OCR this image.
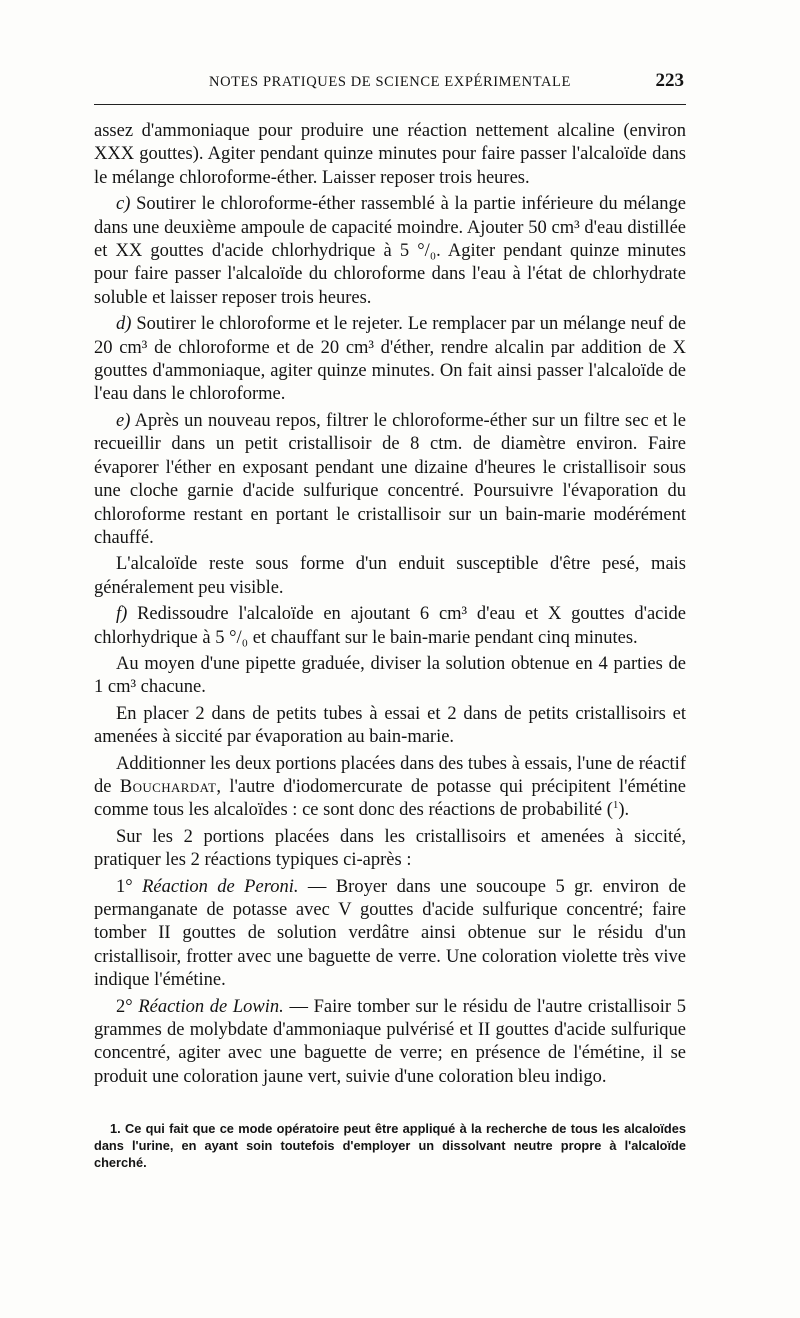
NOTES PRATIQUES DE SCIENCE EXPÉRIMENTALE	223

assez d'ammoniaque pour produire une réaction nettement alcaline (environ XXX gouttes). Agiter pendant quinze minutes pour faire passer l'alcaloïde dans le mélange chloroforme-éther. Laisser reposer trois heures.

c) Soutirer le chloroforme-éther rassemblé à la partie inférieure du mélange dans une deuxième ampoule de capacité moindre. Ajouter 50 cm³ d'eau distillée et XX gouttes d'acide chlorhydrique à 5 °/₀. Agiter pendant quinze minutes pour faire passer l'alcaloïde du chloroforme dans l'eau à l'état de chlorhydrate soluble et laisser reposer trois heures.

d) Soutirer le chloroforme et le rejeter. Le remplacer par un mélange neuf de 20 cm³ de chloroforme et de 20 cm³ d'éther, rendre alcalin par addition de X gouttes d'ammoniaque, agiter quinze minutes. On fait ainsi passer l'alcaloïde de l'eau dans le chloroforme.

e) Après un nouveau repos, filtrer le chloroforme-éther sur un filtre sec et le recueillir dans un petit cristallisoir de 8 ctm. de diamètre environ. Faire évaporer l'éther en exposant pendant une dizaine d'heures le cristallisoir sous une cloche garnie d'acide sulfurique concentré. Poursuivre l'évaporation du chloroforme restant en portant le cristallisoir sur un bain-marie modérément chauffé.

L'alcaloïde reste sous forme d'un enduit susceptible d'être pesé, mais généralement peu visible.

f) Redissoudre l'alcaloïde en ajoutant 6 cm³ d'eau et X gouttes d'acide chlorhydrique à 5 °/₀ et chauffant sur le bain-marie pendant cinq minutes.

Au moyen d'une pipette graduée, diviser la solution obtenue en 4 parties de 1 cm³ chacune.

En placer 2 dans de petits tubes à essai et 2 dans de petits cristallisoirs et amenées à siccité par évaporation au bain-marie.

Additionner les deux portions placées dans des tubes à essais, l'une de réactif de Bouchardat, l'autre d'iodomercurate de potasse qui précipitent l'émétine comme tous les alcaloïdes : ce sont donc des réactions de probabilité ($^1$).

Sur les 2 portions placées dans les cristallisoirs et amenées à siccité, pratiquer les 2 réactions typiques ci-après :

1° Réaction de Peroni. — Broyer dans une soucoupe 5 gr. environ de permanganate de potasse avec V gouttes d'acide sulfurique concentré; faire tomber II gouttes de solution verdâtre ainsi obtenue sur le résidu d'un cristallisoir, frotter avec une baguette de verre. Une coloration violette très vive indique l'émétine.

2° Réaction de Lowin. — Faire tomber sur le résidu de l'autre cristallisoir 5 grammes de molybdate d'ammoniaque pulvérisé et II gouttes d'acide sulfurique concentré, agiter avec une baguette de verre; en présence de l'émétine, il se produit une coloration jaune vert, suivie d'une coloration bleu indigo.

1. Ce qui fait que ce mode opératoire peut être appliqué à la recherche de tous les alcaloïdes dans l'urine, en ayant soin toutefois d'employer un dissolvant neutre propre à l'alcaloïde cherché.
